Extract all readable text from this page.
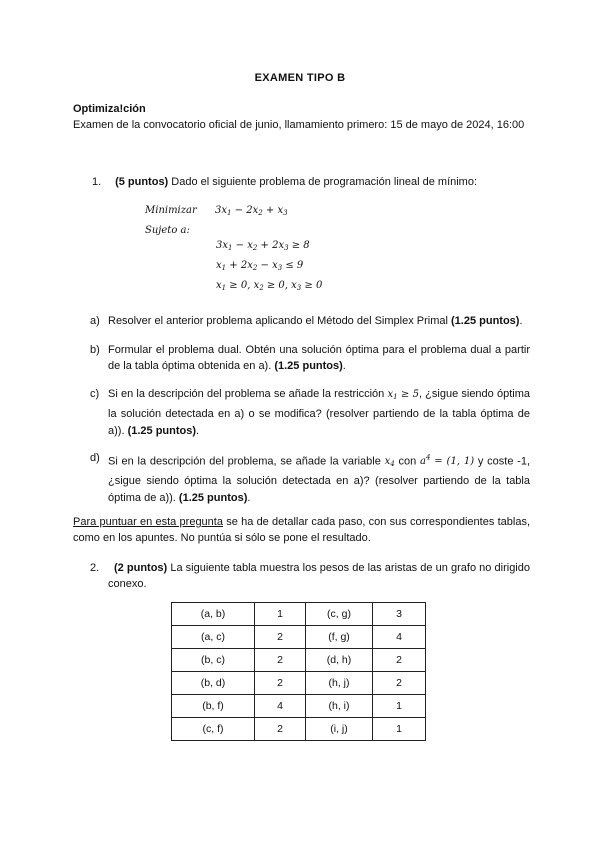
EXAMEN TIPO B
Optimiza!ción
Examen de la convocatorio oficial de junio, llamamiento primero: 15 de mayo de 2024, 16:00
1. (5 puntos) Dado el siguiente problema de programación lineal de mínimo:
Minimizar $3x_1 - 2x_2 + x_3$
Sujeto a:
$3x_1 - x_2 + 2x_3 \ge 8$
$x_1 + 2x_2 - x_3 \le 9$
$x_1 \ge 0$, $x_2 \ge 0$, $x_3 \ge 0$
a) Resolver el anterior problema aplicando el Método del Simplex Primal (1.25 puntos).
b) Formular el problema dual. Obtén una solución óptima para el problema dual a partir de la tabla óptima obtenida en a). (1.25 puntos).
c) Si en la descripción del problema se añade la restricción $x_1 \ge 5$, ¿sigue siendo óptima la solución detectada en a) o se modifica? (resolver partiendo de la tabla óptima de a)). (1.25 puntos).
d) Si en la descripción del problema, se añade la variable $x_4$ con $a^4 = (1$, 1) y coste -1, ¿sigue siendo óptima la solución detectada en a)? (resolver partiendo de la tabla óptima de a)). (1.25 puntos).
Para puntuar en esta pregunta se ha de detallar cada paso, con sus correspondientes tablas, como en los apuntes. No puntúa si sólo se pone el resultado.
2.	(2 puntos) La siguiente tabla muestra los pesos de las aristas de un grafo no dirigido conexo.
(a, b)	1	(c, g)	3
(a, c)	2	(f, g)	4
(b, c)	2	(d, h)	2
(b, d)	2	(h, j)	2
(b, f)	4	(h, i)	1
(c, f)	2	(i, j)	1
